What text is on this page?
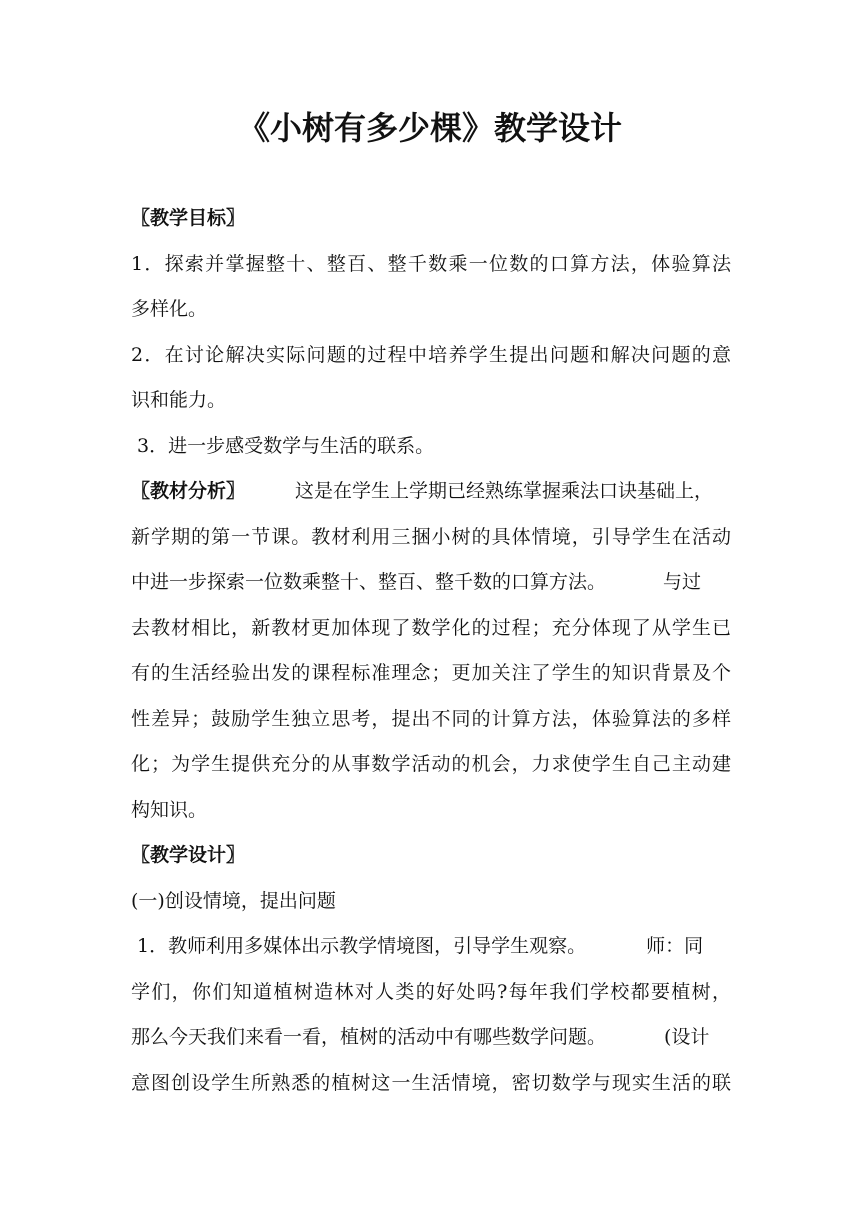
《小树有多少棵》教学设计
〖教学目标〗
1．探索并掌握整十、整百、整千数乘一位数的口算方法，体验算法
多样化。
2．在讨论解决实际问题的过程中培养学生提出问题和解决问题的意
识和能力。
3．进一步感受数学与生活的联系。
〖教材分析〗	这是在学生上学期已经熟练掌握乘法口诀基础上，
新学期的第一节课。教材利用三捆小树的具体情境，引导学生在活动
中进一步探索一位数乘整十、整百、整千数的口算方法。	与过
去教材相比，新教材更加体现了数学化的过程；充分体现了从学生已
有的生活经验出发的课程标准理念；更加关注了学生的知识背景及个
性差异；鼓励学生独立思考，提出不同的计算方法，体验算法的多样
化；为学生提供充分的从事数学活动的机会，力求使学生自己主动建
构知识。
〖教学设计〗
(一)创设情境，提出问题
1．教师利用多媒体出示教学情境图，引导学生观察。	师：同
学们，你们知道植树造林对人类的好处吗?每年我们学校都要植树，
那么今天我们来看一看，植树的活动中有哪些数学问题。	(设计
意图创设学生所熟悉的植树这一生活情境，密切数学与现实生活的联
